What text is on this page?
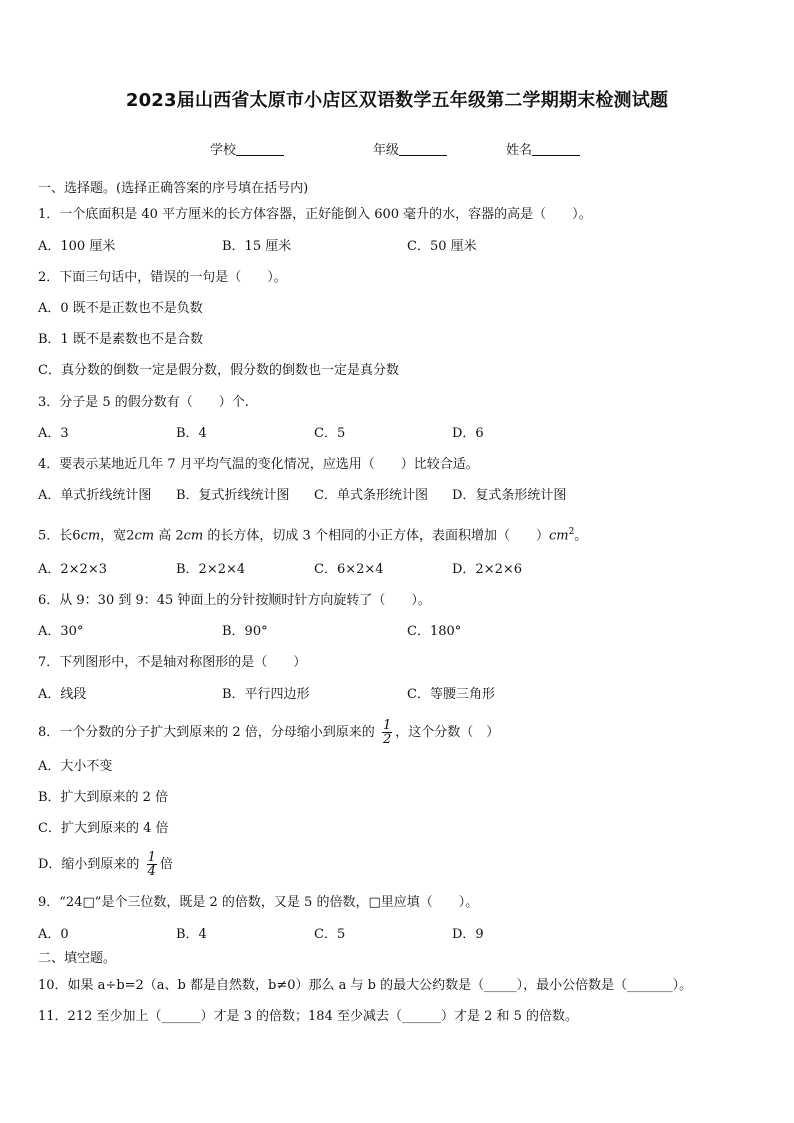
2023届山西省太原市小店区双语数学五年级第二学期期末检测试题
学校	年级	姓名
一、选择题。(选择正确答案的序号填在括号内)
1．一个底面积是 40 平方厘米的长方体容器，正好能倒入 600 毫升的水，容器的高是（　　）。
A．100 厘米	B．15 厘米	C．50 厘米
2．下面三句话中，错误的一句是（　　）。
A．0 既不是正数也不是负数
B．1 既不是素数也不是合数
C．真分数的倒数一定是假分数，假分数的倒数也一定是真分数
3．分子是 5 的假分数有（　　）个.
A．3	B．4	C．5	D．6
4．要表示某地近几年 7 月平均气温的变化情况，应选用（　　）比较合适。
A．单式折线统计图 B．复式折线统计图 C．单式条形统计图 D．复式条形统计图
5．长6cm，宽2cm 高 2cm 的长方体，切成 3 个相同的小正方体，表面积增加（　　）$cm^2$。
A．2×2×3	B．2×2×4	C．6×2×4	D．2×2×6
6．从 9：30 到 9：45 钟面上的分针按顺时针方向旋转了（　　）。
A．30°	B．90°	C．180°
7．下列图形中，不是轴对称图形的是（　　）
A．线段	B．平行四边形	C．等腰三角形
8．一个分数的分子扩大到原来的 2 倍，分母缩小到原来的 $\frac{1}{2}$ ，这个分数（　）
A．大小不变
B．扩大到原来的 2 倍
C．扩大到原来的 4 倍
D．缩小到原来的 $\frac{1}{4}$ 倍
9．“24□”是个三位数，既是 2 的倍数，又是 5 的倍数，□里应填（　　）。
A．0	B．4	C．5	D．9
二、填空题。
10．如果 a÷b=2（a、b 都是自然数，b≠0）那么 a 与 b 的最大公约数是（_____），最小公倍数是（_______）。
11．212 至少加上（______）才是 3 的倍数；184 至少减去（______）才是 2 和 5 的倍数。
